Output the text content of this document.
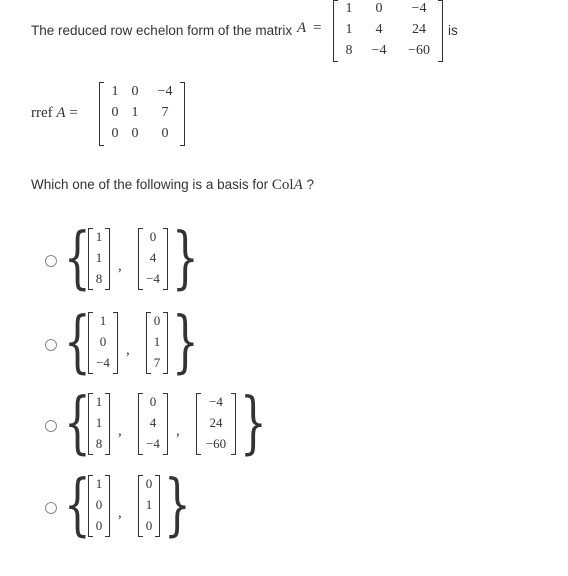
The reduced row echelon form of the matrix A =
1	0	−4
1	4	24
8	−4	−60
is
rref A =
1 0	−4
0 1	7
0 0	0
Which one of the following is a basis for ColA ?
{ 1
1
8
,
0
4
−4 }
{ 1
0
−4
,
0
1
7 }
{ 1
1
8
,
0
4
−4
,
−4
24
−60 }
{ 1
0
0
,
0
1
0 }
